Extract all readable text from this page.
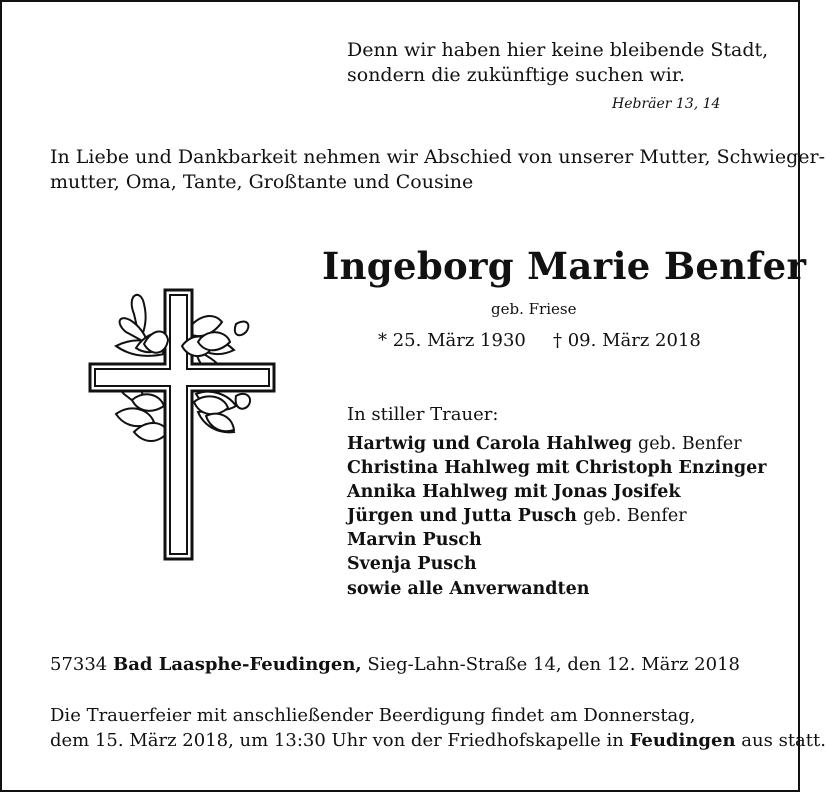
Denn wir haben hier keine bleibende Stadt,
sondern die zukünftige suchen wir.
Hebräer 13, 14
In Liebe und Dankbarkeit nehmen wir Abschied von unserer Mutter, Schwieger-
mutter, Oma, Tante, Großtante und Cousine
Ingeborg Marie Benfer
geb. Friese
* 25. März 1930 † 09. März 2018
In stiller Trauer:
Hartwig und Carola Hahlweg geb. Benfer
Christina Hahlweg mit Christoph Enzinger
Annika Hahlweg mit Jonas Josifek
Jürgen und Jutta Pusch geb. Benfer
Marvin Pusch
Svenja Pusch
sowie alle Anverwandten
57334 Bad Laasphe-Feudingen, Sieg-Lahn-Straße 14, den 12. März 2018
Die Trauerfeier mit anschließender Beerdigung findet am Donnerstag,
dem 15. März 2018, um 13:30 Uhr von der Friedhofskapelle in Feudingen aus statt.
